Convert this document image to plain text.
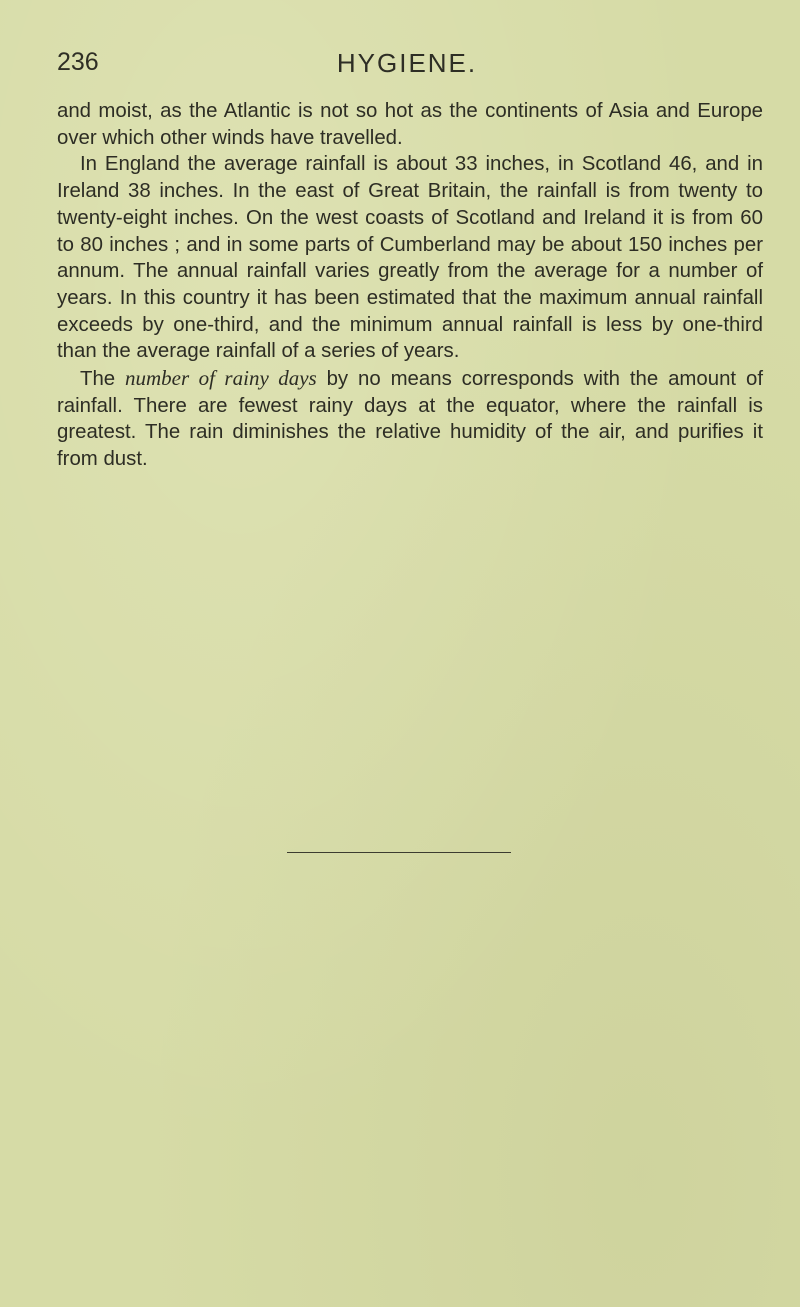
236	HYGIENE.

and moist, as the Atlantic is not so hot as the continents of Asia and Europe over which other winds have travelled.

In England the average rainfall is about 33 inches, in Scotland 46, and in Ireland 38 inches. In the east of Great Britain, the rainfall is from twenty to twenty-eight inches. On the west coasts of Scotland and Ireland it is from 60 to 80 inches ; and in some parts of Cumberland may be about 150 inches per annum. The annual rainfall varies greatly from the average for a number of years. In this country it has been estimated that the maximum annual rainfall exceeds by one-third, and the minimum annual rainfall is less by one-third than the average rainfall of a series of years.

The number of rainy days by no means corresponds with the amount of rainfall. There are fewest rainy days at the equator, where the rainfall is greatest. The rain diminishes the relative humidity of the air, and purifies it from dust.
